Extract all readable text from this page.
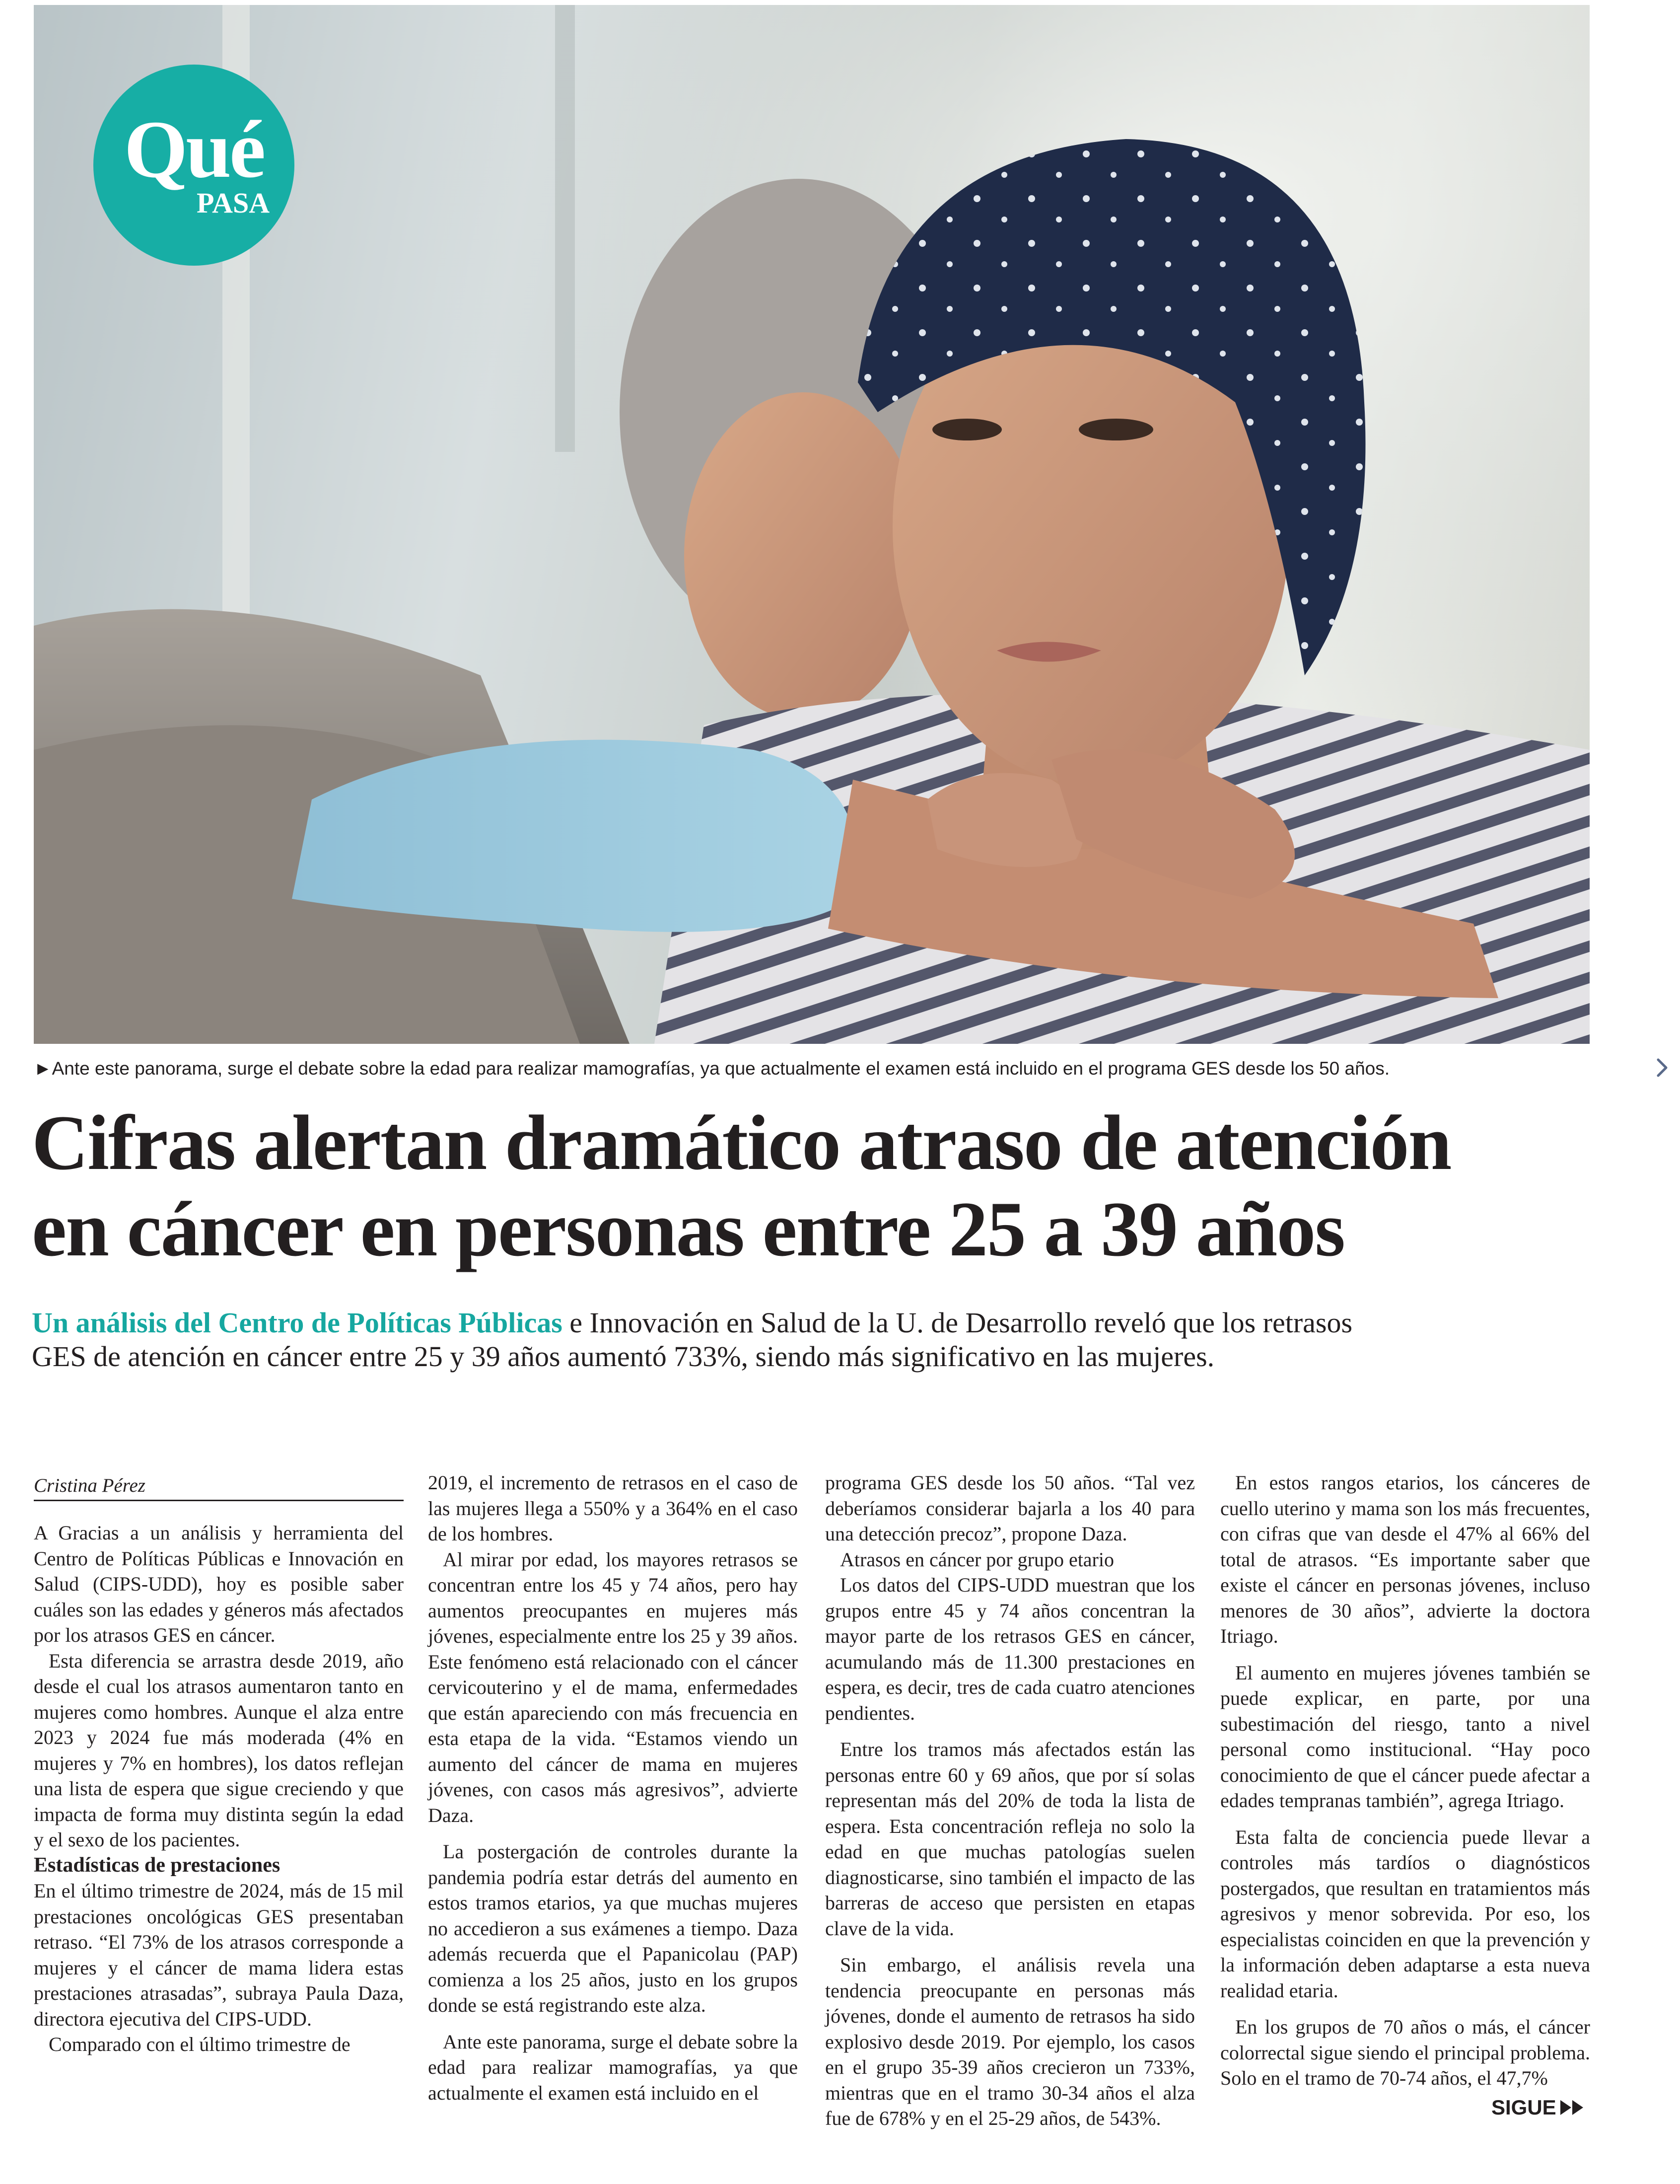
Qué
PASA
►Ante este panorama, surge el debate sobre la edad para realizar mamografías, ya que actualmente el examen está incluido en el programa GES desde los 50 años.
Cifras alertan dramático atraso de atención
en cáncer en personas entre 25 a 39 años
Un análisis del Centro de Políticas Públicas e Innovación en Salud de la U. de Desarrollo reveló que los retrasos
GES de atención en cáncer entre 25 y 39 años aumentó 733%, siendo más significativo en las mujeres.
Cristina Pérez

A Gracias a un análisis y herramienta del Centro de Políticas Públicas e Innovación en Salud (CIPS-UDD), hoy es posible saber cuáles son las edades y géneros más afectados por los atrasos GES en cáncer.

Esta diferencia se arrastra desde 2019, año desde el cual los atrasos aumentaron tanto en mujeres como hombres. Aunque el alza entre 2023 y 2024 fue más moderada (4% en mujeres y 7% en hombres), los datos reflejan una lista de espera que sigue creciendo y que impacta de forma muy distinta según la edad y el sexo de los pacientes.

Estadísticas de prestaciones

En el último trimestre de 2024, más de 15 mil prestaciones oncológicas GES presentaban retraso. “El 73% de los atrasos corresponde a mujeres y el cáncer de mama lidera estas prestaciones atrasadas”, subraya Paula Daza, directora ejecutiva del CIPS-UDD.

Comparado con el último trimestre de

2019, el incremento de retrasos en el caso de las mujeres llega a 550% y a 364% en el caso de los hombres.

Al mirar por edad, los mayores retrasos se concentran entre los 45 y 74 años, pero hay aumentos preocupantes en mujeres más jóvenes, especialmente entre los 25 y 39 años. Este fenómeno está relacionado con el cáncer cervicouterino y el de mama, enfermedades que están apareciendo con más frecuencia en esta etapa de la vida. “Estamos viendo un aumento del cáncer de mama en mujeres jóvenes, con casos más agresivos”, advierte Daza.

La postergación de controles durante la pandemia podría estar detrás del aumento en estos tramos etarios, ya que muchas mujeres no accedieron a sus exámenes a tiempo. Daza además recuerda que el Papanicolau (PAP) comienza a los 25 años, justo en los grupos donde se está registrando este alza.

Ante este panorama, surge el debate sobre la edad para realizar mamografías, ya que actualmente el examen está incluido en el

programa GES desde los 50 años. “Tal vez deberíamos considerar bajarla a los 40 para una detección precoz”, propone Daza.

Atrasos en cáncer por grupo etario

Los datos del CIPS-UDD muestran que los grupos entre 45 y 74 años concentran la mayor parte de los retrasos GES en cáncer, acumulando más de 11.300 prestaciones en espera, es decir, tres de cada cuatro atenciones pendientes.

Entre los tramos más afectados están las personas entre 60 y 69 años, que por sí solas representan más del 20% de toda la lista de espera. Esta concentración refleja no solo la edad en que muchas patologías suelen diagnosticarse, sino también el impacto de las barreras de acceso que persisten en etapas clave de la vida.

Sin embargo, el análisis revela una tendencia preocupante en personas más jóvenes, donde el aumento de retrasos ha sido explosivo desde 2019. Por ejemplo, los casos en el grupo 35-39 años crecieron un 733%, mientras que en el tramo 30-34 años el alza fue de 678% y en el 25-29 años, de 543%.

En estos rangos etarios, los cánceres de cuello uterino y mama son los más frecuentes, con cifras que van desde el 47% al 66% del total de atrasos. “Es importante saber que existe el cáncer en personas jóvenes, incluso menores de 30 años”, advierte la doctora Itriago.

El aumento en mujeres jóvenes también se puede explicar, en parte, por una subestimación del riesgo, tanto a nivel personal como institucional. “Hay poco conocimiento de que el cáncer puede afectar a edades tempranas también”, agrega Itriago.

Esta falta de conciencia puede llevar a controles más tardíos o diagnósticos postergados, que resultan en tratamientos más agresivos y menor sobrevida. Por eso, los especialistas coinciden en que la prevención y la información deben adaptarse a esta nueva realidad etaria.

En los grupos de 70 años o más, el cáncer colorrectal sigue siendo el principal problema. Solo en el tramo de 70-74 años, el 47,7%

SIGUE
